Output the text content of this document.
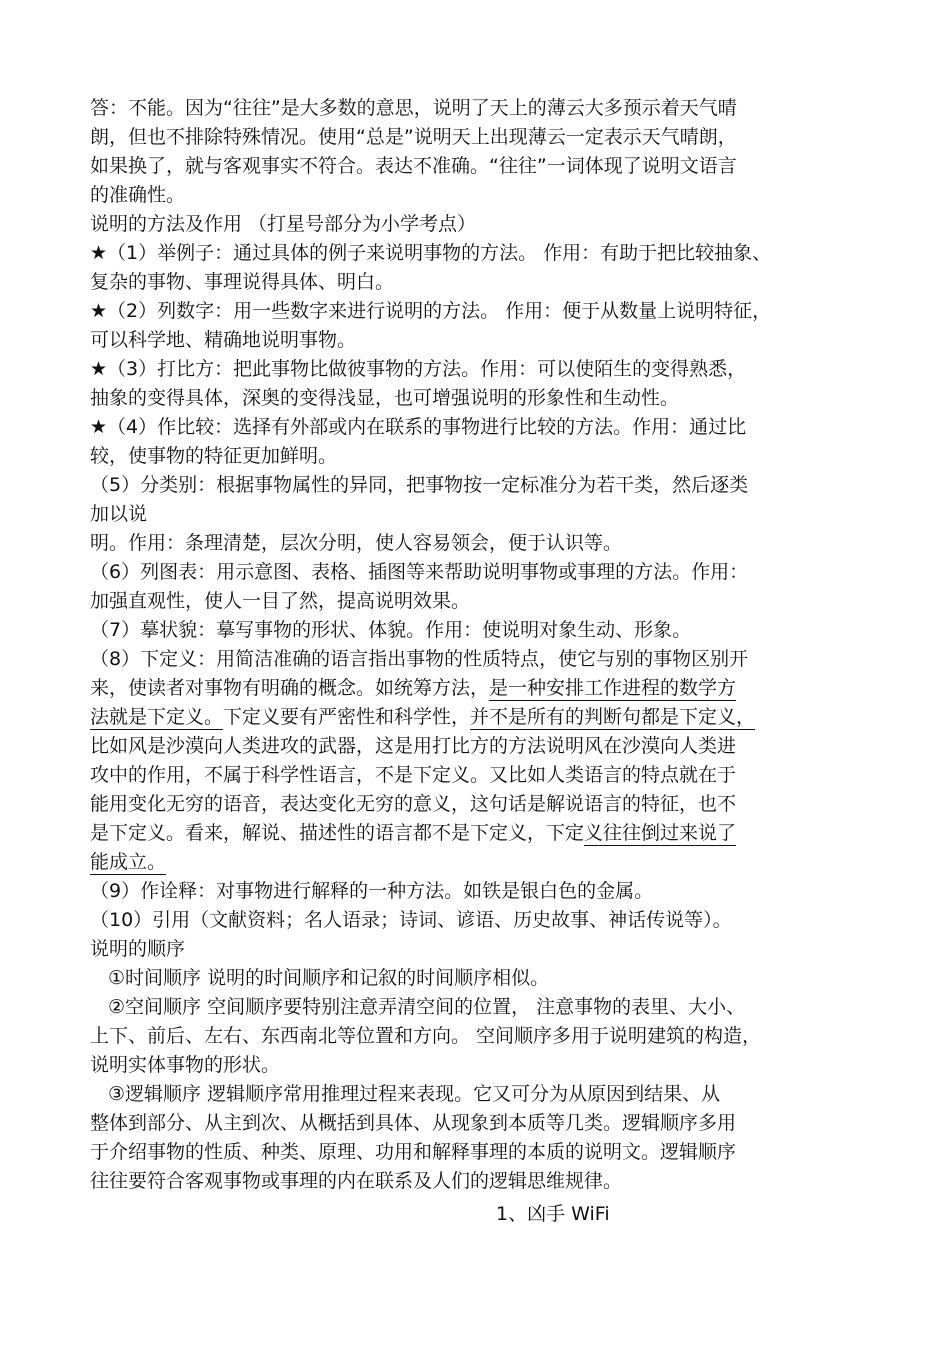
答：不能。因为“往往”是大多数的意思，说明了天上的薄云大多预示着天气晴
朗，但也不排除特殊情况。使用“总是”说明天上出现薄云一定表示天气晴朗，
如果换了，就与客观事实不符合。表达不准确。“往往”一词体现了说明文语言
的准确性。
说明的方法及作用 （打星号部分为小学考点）
★（1）举例子：通过具体的例子来说明事物的方法。 作用：有助于把比较抽象、
复杂的事物、事理说得具体、明白。
★（2）列数字：用一些数字来进行说明的方法。 作用：便于从数量上说明特征，
可以科学地、精确地说明事物。
★（3）打比方：把此事物比做彼事物的方法。作用：可以使陌生的变得熟悉，
抽象的变得具体，深奥的变得浅显，也可增强说明的形象性和生动性。
★（4）作比较：选择有外部或内在联系的事物进行比较的方法。作用：通过比
较，使事物的特征更加鲜明。
（5）分类别：根据事物属性的异同，把事物按一定标准分为若干类，然后逐类
加以说
明。作用：条理清楚，层次分明，使人容易领会，便于认识等。
（6）列图表：用示意图、表格、插图等来帮助说明事物或事理的方法。作用：
加强直观性，使人一目了然，提高说明效果。
（7）摹状貌：摹写事物的形状、体貌。作用：使说明对象生动、形象。
（8）下定义：用简洁准确的语言指出事物的性质特点，使它与别的事物区别开
来，使读者对事物有明确的概念。如统筹方法，是一种安排工作进程的数学方
法就是下定义。下定义要有严密性和科学性，并不是所有的判断句都是下定义，
比如风是沙漠向人类进攻的武器，这是用打比方的方法说明风在沙漠向人类进
攻中的作用，不属于科学性语言，不是下定义。又比如人类语言的特点就在于
能用变化无穷的语音，表达变化无穷的意义，这句话是解说语言的特征，也不
是下定义。看来，解说、描述性的语言都不是下定义，下定义往往倒过来说了
能成立。
（9）作诠释：对事物进行解释的一种方法。如铁是银白色的金属。
（10）引用（文献资料；名人语录；诗词、谚语、历史故事、神话传说等）。
说明的顺序
①时间顺序 说明的时间顺序和记叙的时间顺序相似。
②空间顺序 空间顺序要特别注意弄清空间的位置， 注意事物的表里、大小、
上下、前后、左右、东西南北等位置和方向。 空间顺序多用于说明建筑的构造，
说明实体事物的形状。
③逻辑顺序 逻辑顺序常用推理过程来表现。它又可分为从原因到结果、从
整体到部分、从主到次、从概括到具体、从现象到本质等几类。逻辑顺序多用
于介绍事物的性质、种类、原理、功用和解释事理的本质的说明文。逻辑顺序
往往要符合客观事物或事理的内在联系及人们的逻辑思维规律。
1、凶手 WiFi
